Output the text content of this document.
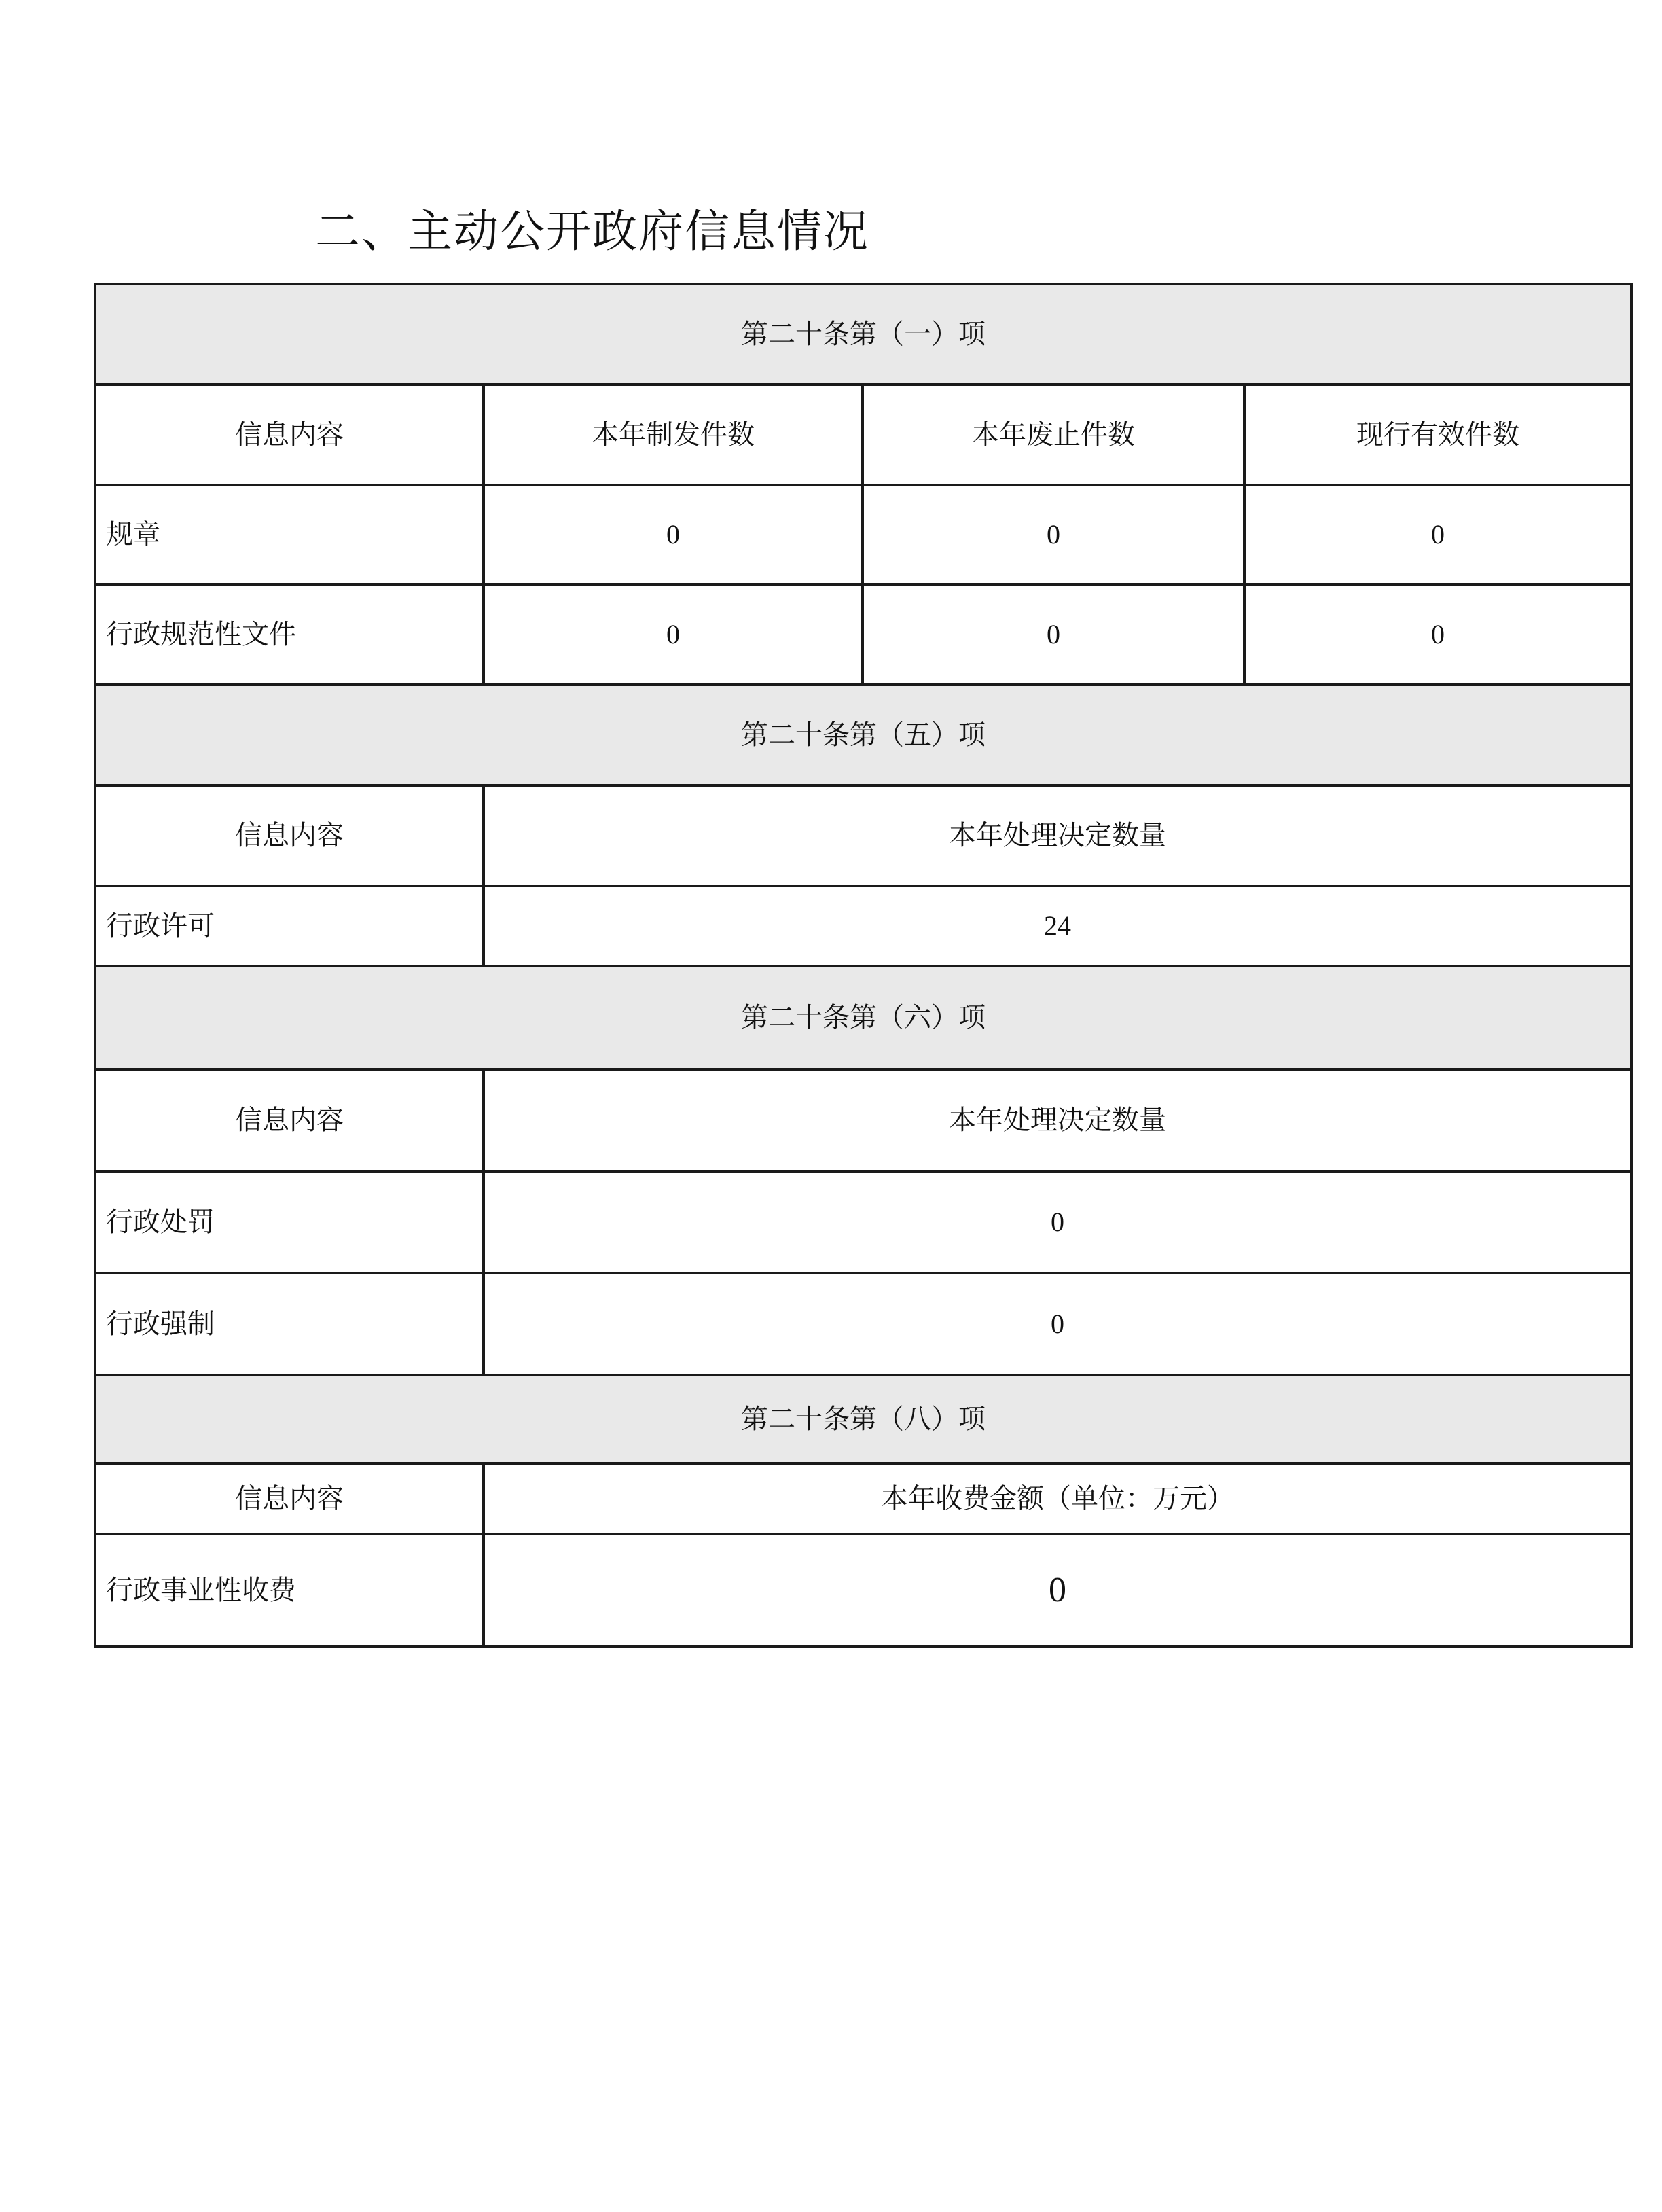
二、主动公开政府信息情况
第二十条第（一）项			
信息内容	本年制发件数	本年废止件数	现行有效件数
规章	0	0	0
行政规范性文件	0	0	0
第二十条第（五）项			
信息内容	本年处理决定数量		
行政许可	24		
第二十条第（六）项			
信息内容	本年处理决定数量		
行政处罚	0		
行政强制	0		
第二十条第（八）项			
信息内容	本年收费金额（单位：万元）		
行政事业性收费	0		
